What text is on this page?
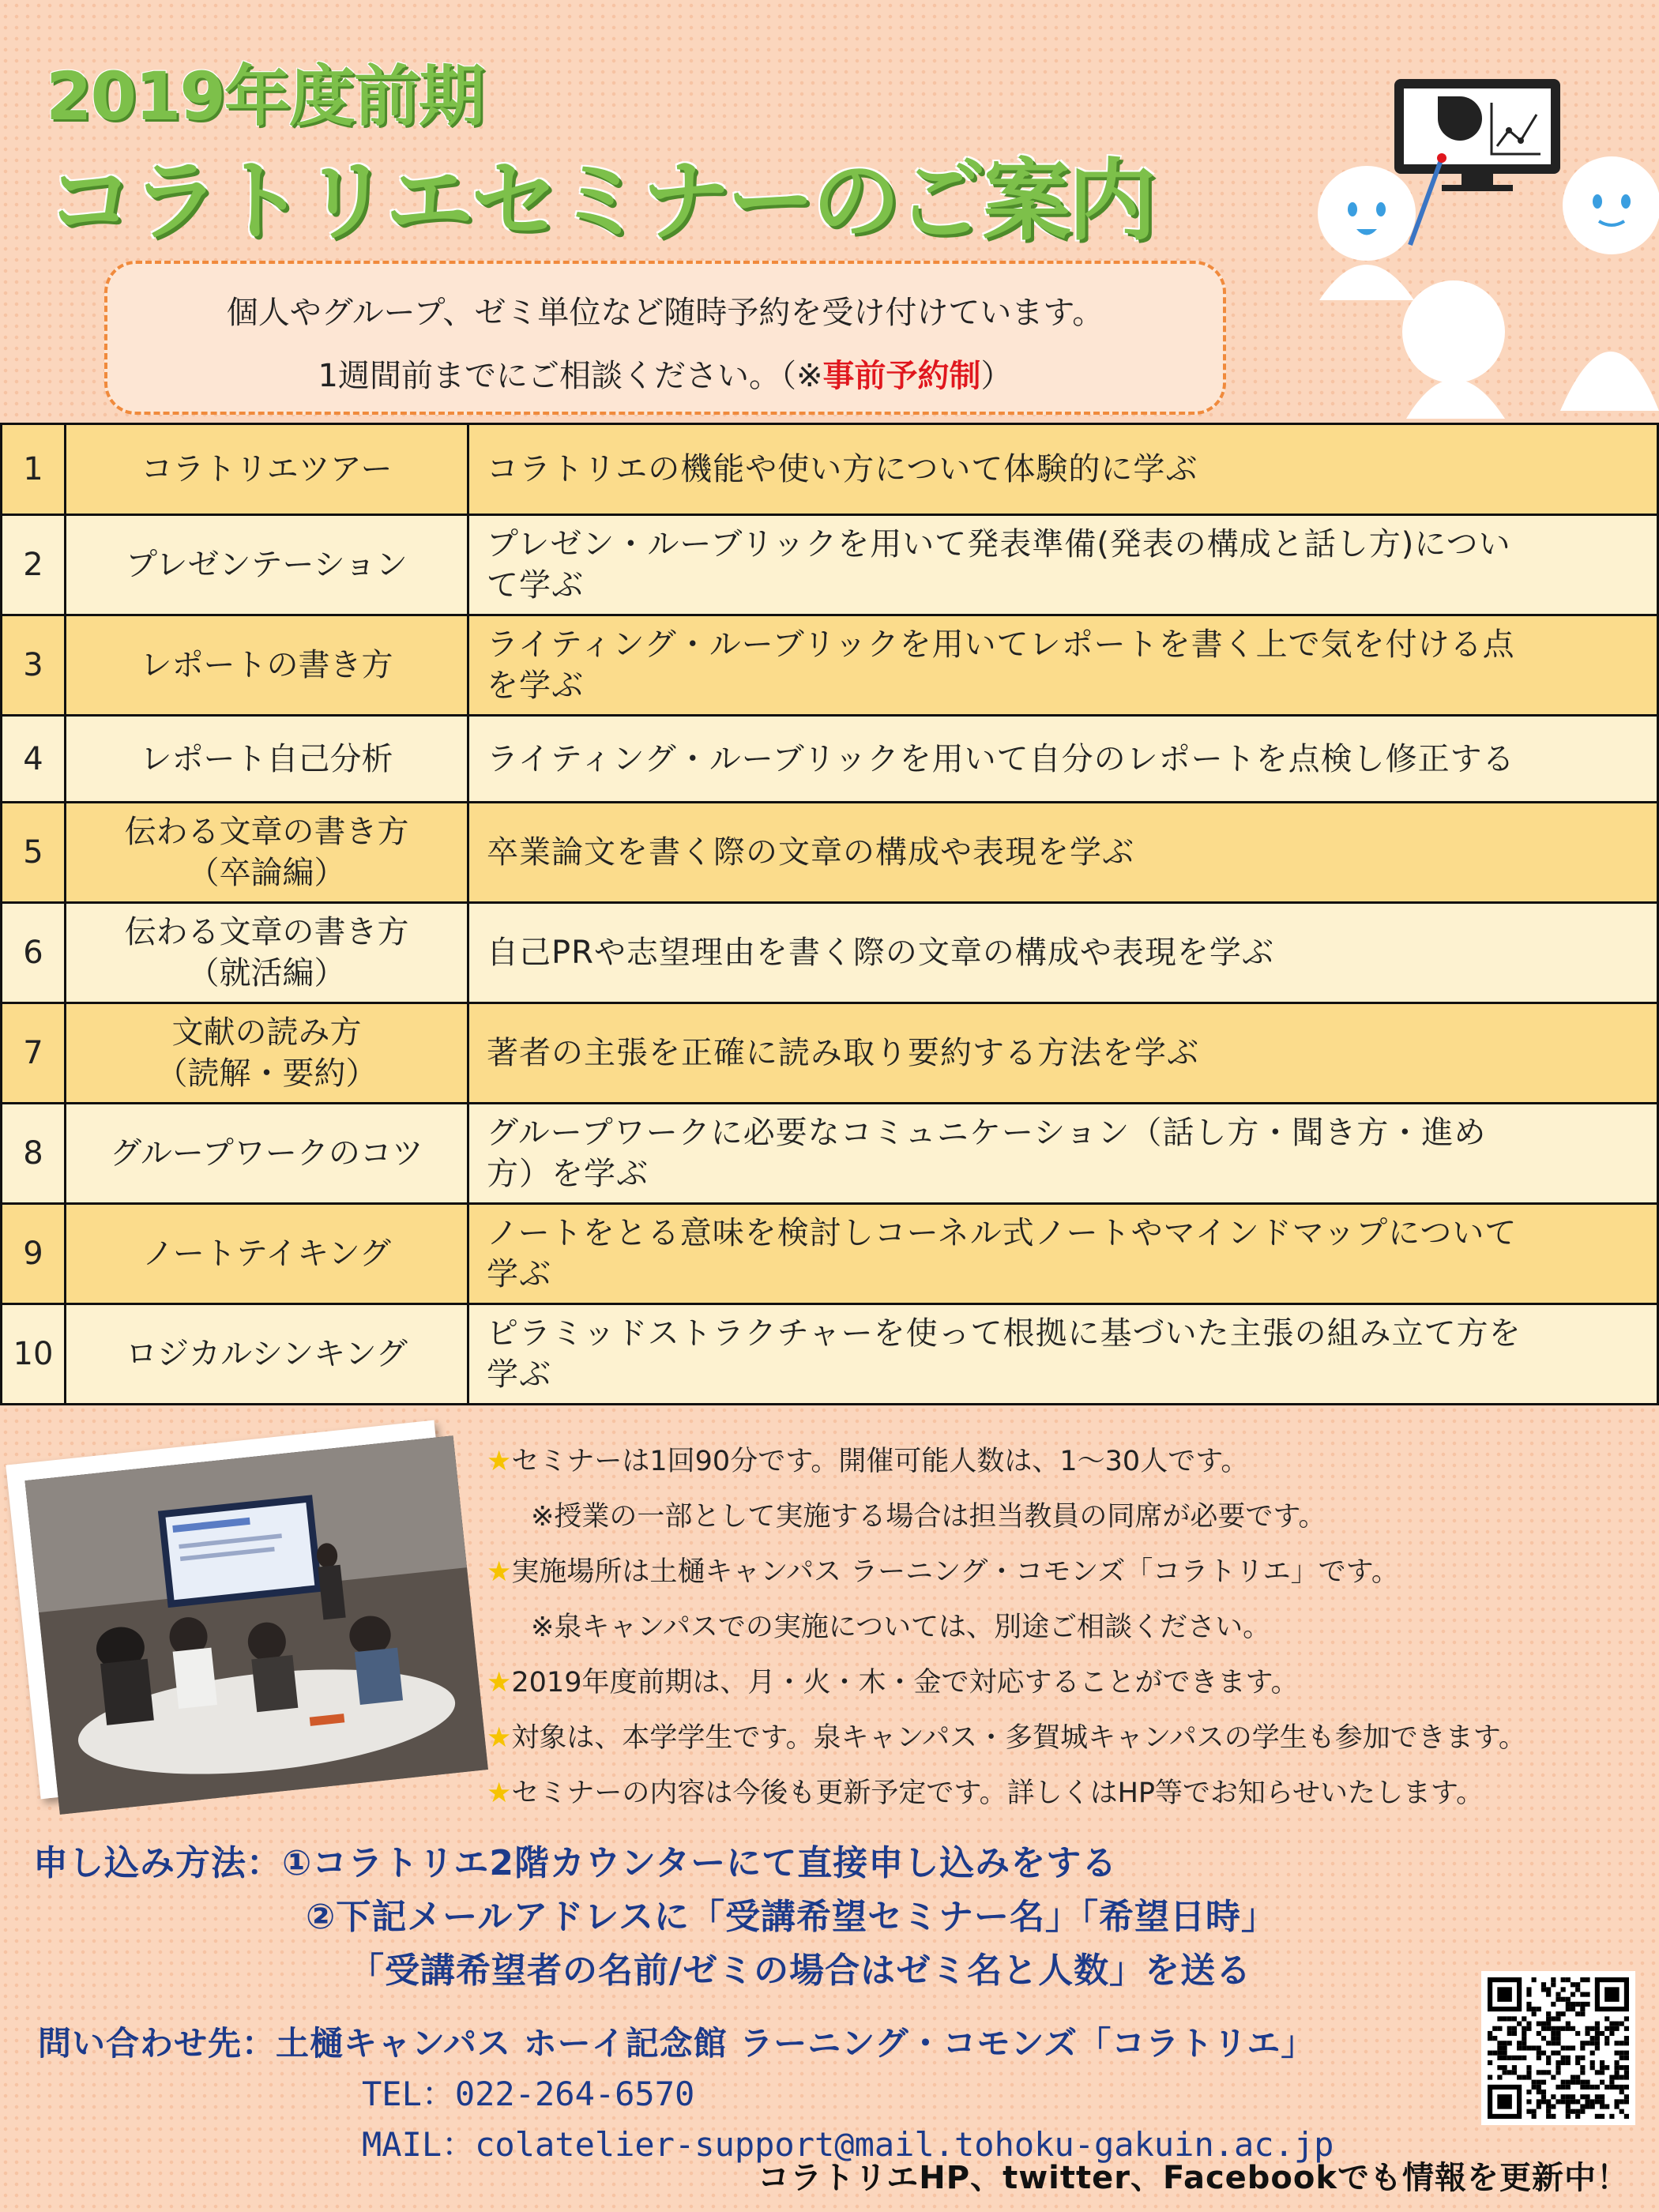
2019年度前期
コラトリエセミナーのご案内

個人やグループ、ゼミ単位など随時予約を受け付けています。

1週間前までにご相談ください。（※事前予約制）

1	コラトリエツアー	コラトリエの機能や使い方について体験的に学ぶ

2	プレゼンテーション	プレゼン・ルーブリックを用いて発表準備(発表の構成と話し方)につい
て学ぶ

3	レポートの書き方	ライティング・ルーブリックを用いてレポートを書く上で気を付ける点
を学ぶ

4	レポート自己分析	ライティング・ルーブリックを用いて自分のレポートを点検し修正する

5	伝わる文章の書き方
（卒論編）	卒業論文を書く際の文章の構成や表現を学ぶ

6	伝わる文章の書き方
（就活編）	自己PRや志望理由を書く際の文章の構成や表現を学ぶ

7	文献の読み方
（読解・要約）	著者の主張を正確に読み取り要約する方法を学ぶ

8	グループワークのコツ	グループワークに必要なコミュニケーション（話し方・聞き方・進め
方）を学ぶ

9	ノートテイキング	ノートをとる意味を検討しコーネル式ノートやマインドマップについて
学ぶ

10	ロジカルシンキング	ピラミッドストラクチャーを使って根拠に基づいた主張の組み立て方を
学ぶ
★セミナーは1回90分です。開催可能人数は、1～30人です。
※授業の一部として実施する場合は担当教員の同席が必要です。
★実施場所は土樋キャンパス ラーニング・コモンズ「コラトリエ」です。
※泉キャンパスでの実施については、別途ご相談ください。
★2019年度前期は、月・火・木・金で対応することができます。
★対象は、本学学生です。泉キャンパス・多賀城キャンパスの学生も参加できます。
★セミナーの内容は今後も更新予定です。詳しくはHP等でお知らせいたします。
申し込み方法：①コラトリエ2階カウンターにて直接申し込みをする
②下記メールアドレスに「受講希望セミナー名」「希望日時」
「受講希望者の名前/ゼミの場合はゼミ名と人数」を送る
問い合わせ先：土樋キャンパス ホーイ記念館 ラーニング・コモンズ「コラトリエ」
TEL：022-264-6570
MAIL：colatelier-support@mail.tohoku-gakuin.ac.jp
コラトリエHP、twitter、Facebookでも情報を更新中！
